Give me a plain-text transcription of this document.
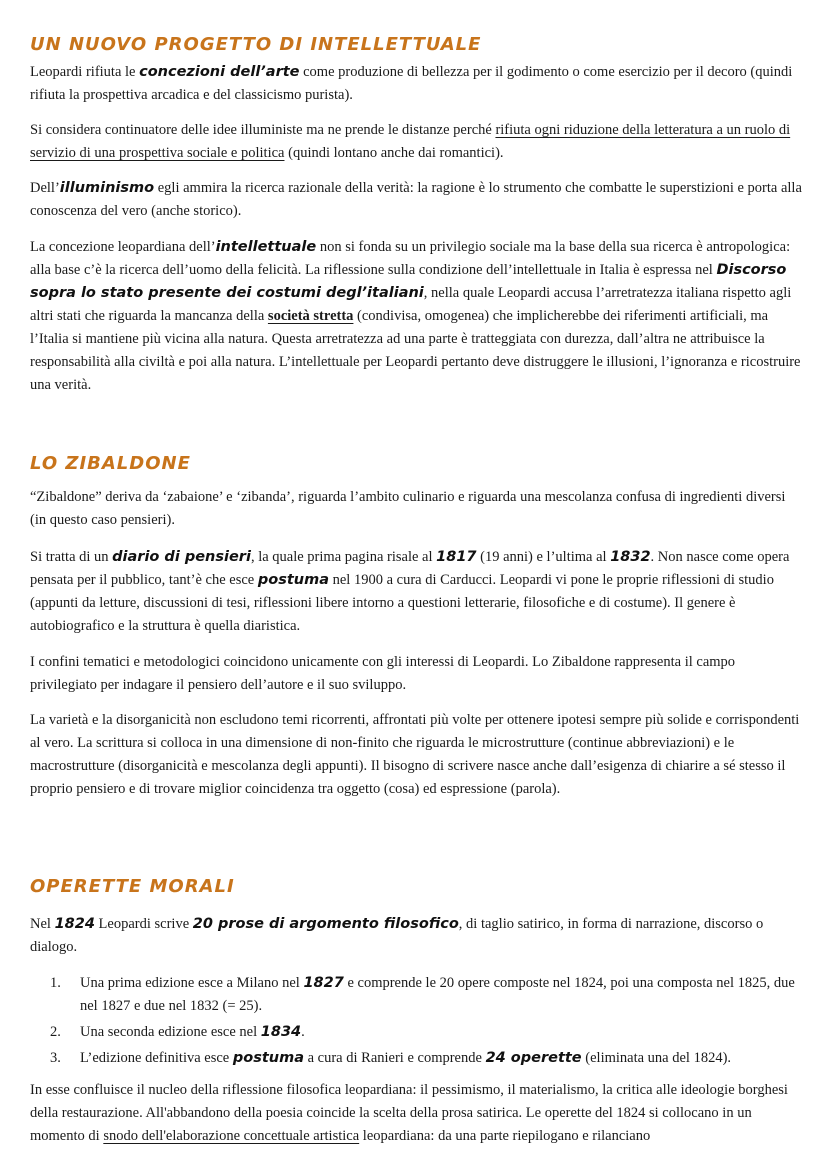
UN NUOVO PROGETTO DI INTELLETTUALE

Leopardi rifiuta le concezioni dell’arte come produzione di bellezza per il godimento o come esercizio per il decoro (quindi rifiuta la prospettiva arcadica e del classicismo purista).

Si considera continuatore delle idee illuministe ma ne prende le distanze perché rifiuta ogni riduzione della letteratura a un ruolo di servizio di una prospettiva sociale e politica (quindi lontano anche dai romantici).

Dell’illuminismo egli ammira la ricerca razionale della verità: la ragione è lo strumento che combatte le superstizioni e porta alla conoscenza del vero (anche storico).

La concezione leopardiana dell’intellettuale non si fonda su un privilegio sociale ma la base della sua ricerca è antropologica: alla base c’è la ricerca dell’uomo della felicità. La riflessione sulla condizione dell’intellettuale in Italia è espressa nel Discorso sopra lo stato presente dei costumi degl’italiani, nella quale Leopardi accusa l’arretratezza italiana rispetto agli altri stati che riguarda la mancanza della società stretta (condivisa, omogenea) che implicherebbe dei riferimenti artificiali, ma l’Italia si mantiene più vicina alla natura. Questa arretratezza ad una parte è tratteggiata con durezza, dall’altra ne attribuisce la responsabilità alla civiltà e poi alla natura. L’intellettuale per Leopardi pertanto deve distruggere le illusioni, l’ignoranza e ricostruire una verità.

LO ZIBALDONE

“Zibaldone” deriva da ‘zabaione’ e ‘zibanda’, riguarda l’ambito culinario e riguarda una mescolanza confusa di ingredienti diversi (in questo caso pensieri).

Si tratta di un diario di pensieri, la quale prima pagina risale al 1817 (19 anni) e l’ultima al 1832. Non nasce come opera pensata per il pubblico, tant’è che esce postuma nel 1900 a cura di Carducci. Leopardi vi pone le proprie riflessioni di studio (appunti da letture, discussioni di tesi, riflessioni libere intorno a questioni letterarie, filosofiche e di costume). Il genere è autobiografico e la struttura è quella diaristica.

I confini tematici e metodologici coincidono unicamente con gli interessi di Leopardi. Lo Zibaldone rappresenta il campo privilegiato per indagare il pensiero dell’autore e il suo sviluppo.

La varietà e la disorganicità non escludono temi ricorrenti, affrontati più volte per ottenere ipotesi sempre più solide e corrispondenti al vero. La scrittura si colloca in una dimensione di non-finito che riguarda le microstrutture (continue abbreviazioni) e le macrostrutture (disorganicità e mescolanza degli appunti). Il bisogno di scrivere nasce anche dall’esigenza di chiarire a sé stesso il proprio pensiero e di trovare miglior coincidenza tra oggetto (cosa) ed espressione (parola).

OPERETTE MORALI

Nel 1824 Leopardi scrive 20 prose di argomento filosofico, di taglio satirico, in forma di narrazione, discorso o dialogo.

1. Una prima edizione esce a Milano nel 1827 e comprende le 20 opere composte nel 1824, poi una composta nel 1825, due nel 1827 e due nel 1832 (= 25).
2. Una seconda edizione esce nel 1834.
3. L’edizione definitiva esce postuma a cura di Ranieri e comprende 24 operette (eliminata una del 1824).

In esse confluisce il nucleo della riflessione filosofica leopardiana: il pessimismo, il materialismo, la critica alle ideologie borghesi della restaurazione. All'abbandono della poesia coincide la scelta della prosa satirica. Le operette del 1824 si collocano in un momento di snodo dell'elaborazione concettuale artistica leopardiana: da una parte riepilogano e rilanciano
